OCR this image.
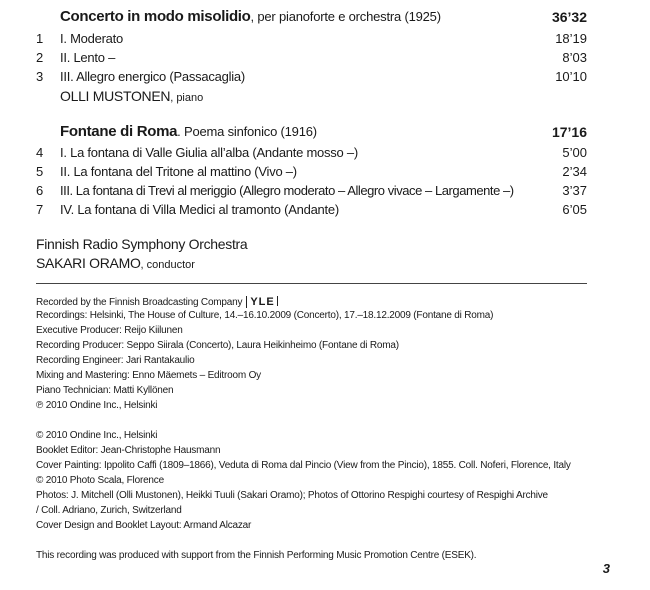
Concerto in modo misolidio, per pianoforte e orchestra (1925)	36’32
1 I. Moderato	18’19
2 II. Lento –	8’03
3 III. Allegro energico (Passacaglia)	10’10
OLLI MUSTONEN, piano
Fontane di Roma. Poema sinfonico (1916)	17’16
4 I. La fontana di Valle Giulia all’alba (Andante mosso –)	5’00
5 II. La fontana del Tritone al mattino (Vivo –)	2’34
6 III. La fontana di Trevi al meriggio (Allegro moderato – Allegro vivace – Largamente –)	3’37
7 IV. La fontana di Villa Medici al tramonto (Andante)	6’05
Finnish Radio Symphony Orchestra
SAKARI ORAMO, conductor
Recorded by the Finnish Broadcasting Company YLE
Recordings: Helsinki, The House of Culture, 14.–16.10.2009 (Concerto), 17.–18.12.2009 (Fontane di Roma)
Executive Producer: Reijo Kiilunen
Recording Producer: Seppo Siirala (Concerto), Laura Heikinheimo (Fontane di Roma)
Recording Engineer: Jari Rantakaulio
Mixing and Mastering: Enno Mäemets – Editroom Oy
Piano Technician: Matti Kyllönen
℗ 2010 Ondine Inc., Helsinki
© 2010 Ondine Inc., Helsinki
Booklet Editor: Jean-Christophe Hausmann
Cover Painting: Ippolito Caffi (1809–1866), Veduta di Roma dal Pincio (View from the Pincio), 1855. Coll. Noferi, Florence, Italy
© 2010 Photo Scala, Florence
Photos: J. Mitchell (Olli Mustonen), Heikki Tuuli (Sakari Oramo); Photos of Ottorino Respighi courtesy of Respighi Archive
/ Coll. Adriano, Zurich, Switzerland
Cover Design and Booklet Layout: Armand Alcazar
This recording was produced with support from the Finnish Performing Music Promotion Centre (ESEK).
3
